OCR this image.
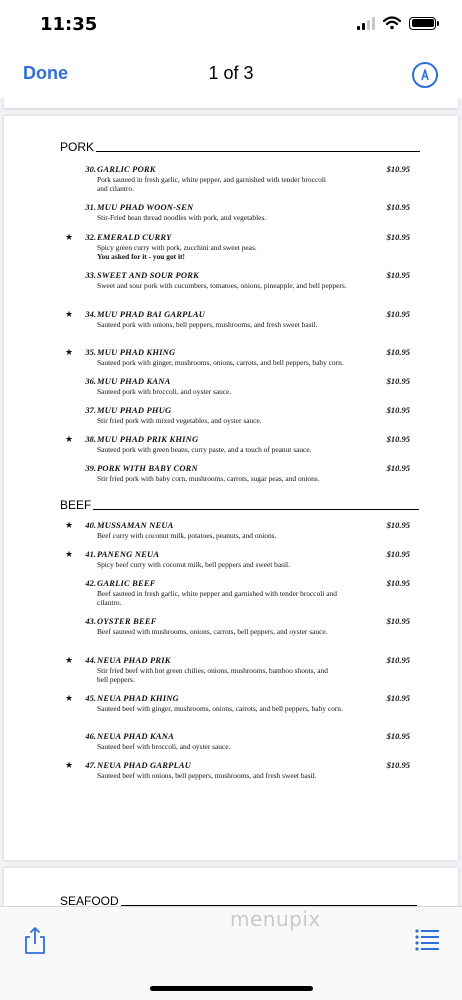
11:35
Done	1 of 3
PORK
30. GARLIC PORK	$10.95
Pork sauteed in fresh garlic, white pepper, and garnished with tender broccoli and cilantro.
31. MUU PHAD WOON-SEN	$10.95
Stir-Fried bean thread noodles with pork, and vegetables.
★ 32. EMERALD CURRY	$10.95
Spicy green curry with pork, zucchini and sweet peas.
You asked for it - you got it!
33. SWEET AND SOUR PORK	$10.95
Sweet and sour pork with cucumbers, tomatoes, onions, pineapple, and bell peppers.
★ 34. MUU PHAD BAI GARPLAU	$10.95
Sauteed pork with onions, bell peppers, mushrooms, and fresh sweet basil.
★ 35. MUU PHAD KHING	$10.95
Sauteed pork with ginger, mushrooms, onions, carrots, and bell peppers, baby corn.
36. MUU PHAD KANA	$10.95
Sauteed pork with broccoli, and oyster sauce.
37. MUU PHAD PHUG	$10.95
Stir fried pork with mixed vegetables, and oyster sauce.
★ 38. MUU PHAD PRIK KHING	$10.95
Sauteed pork with green beans, curry paste, and a touch of peanut sauce.
39. PORK WITH BABY CORN	$10.95
Stir fried pork with baby corn, mushrooms, carrots, sugar peas, and onions.
BEEF
★ 40. MUSSAMAN NEUA	$10.95
Beef curry with coconut milk, potatoes, peanuts, and onions.
★ 41. PANENG NEUA	$10.95
Spicy beef curry with coconut milk, bell peppers and sweet basil.
42. GARLIC BEEF	$10.95
Beef sauteed in fresh garlic, white pepper and garnished with tender broccoli and cilantro.
43. OYSTER BEEF	$10.95
Beef sauteed with mushrooms, onions, carrots, bell peppers, and oyster sauce.
★ 44. NEUA PHAD PRIK	$10.95
Stir fried beef with hot green chilies, onions, mushrooms, bamboo shoots, and bell peppers.
★ 45. NEUA PHAD KHING	$10.95
Sauteed beef with ginger, mushrooms, onions, carrots, and bell peppers, baby corn.
46. NEUA PHAD KANA	$10.95
Sauteed beef with broccoli, and oyster sauce.
★ 47. NEUA PHAD GARPLAU	$10.95
Sauteed beef with onions, bell peppers, mushrooms, and fresh sweet basil.
SEAFOOD
menupix
